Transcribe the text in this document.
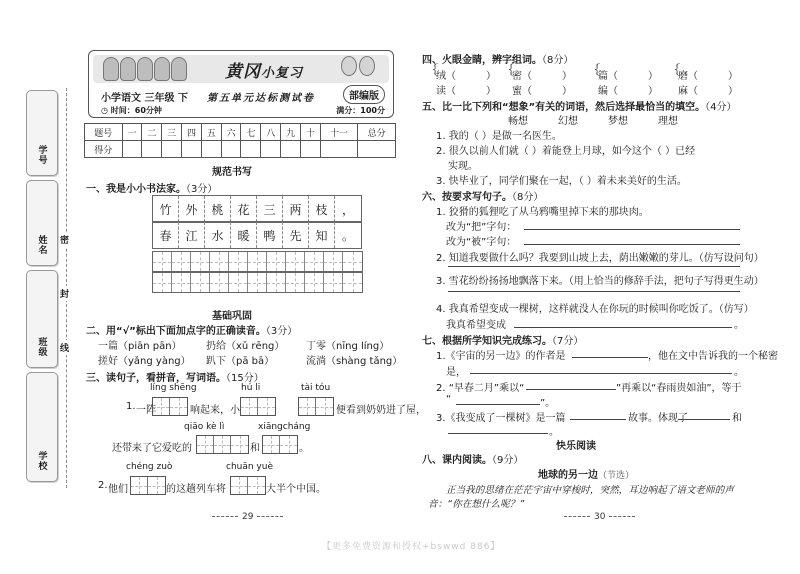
学号
姓名
班级
学校
密
封
线
黄冈小复习
小学语文 三年级 下 第五单元达标测试卷	部编版
◷ 时间：60分钟	满分：100分
题号	一	二	三	四	五	六	七	八	九	十	十一	总分
得分												
规范书写
一、我是小小书法家。（3分）
竹	外	桃	花	三	两	枝	，
春	江	水	暖	鸭	先	知	。
基础巩固
二、用“√”标出下面加点字的正确读音。（3分）
一篇（piān pān） 扔给（xǔ rēng） 丁零（nīng líng）
搓好（yǎng yàng） 趴下（pā bā）	流淌（shàng tǎng）
三、读句子，看拼音，写词语。（15分）
líng shēng	hú li	tài tóu
1. 一阵	响起来，小	便看到奶奶进了屋，
qiāo kè lì	xiāngcháng
还带来了它爱吃的	和	。
chéng zuò	chuān yuè
2. 他们	的这趟列车将	大半个中国。
29
四、火眼金睛，辨字组词。（8分）
｛	｛	｛	｛
绒（	） 密（	）	篇（	） 磨（	）
读（	） 蜜（	）	编（	） 麻（	）
五、比一比下列和“想象”有关的词语，然后选择最恰当的填空。（4分）
畅想	幻想	梦想	理想
1. 我的（ ）是做一名医生。
2. 很久以前人们就（ ）着能登上月球，如今这个（ ）已经
实现。
3. 快毕业了，同学们聚在一起，（ ）着未来美好的生活。
六、按要求写句子。（8分）
1. 狡猾的狐狸吃了从乌鸦嘴里掉下来的那块肉。
改为“把”字句：
改为“被”字句：
2. 知道我要做什么吗？我要到山坡上去，荫出嫩嫩的芽儿。（仿写设问句）
3. 雪花纷纷扬扬地飘落下来。（用上恰当的修辞手法，把句子写得更生动）
4. 我真希望变成一棵树，这样就没人在你玩的时候叫你吃饭了。（仿写）
我真希望变成	。
七、根据所学知识完成练习。（7分）
1.《宇宙的另一边》的作者是	，他在文中告诉我的一个秘密
是，	。
2. “早春二月”乘以“	”再乘以“春雨贵如油”，等于
“	”。
3.《我变成了一棵树》是一篇	故事。体现了	和
。
快乐阅读
八、课内阅读。（9分）
地球的另一边（节选）
正当我的思绪在茫茫宇宙中穿梭时，突然，耳边响起了语文老师的声
音：“你在想什么呢？”
30
【更多免费资源和授权+bswwd 886】
